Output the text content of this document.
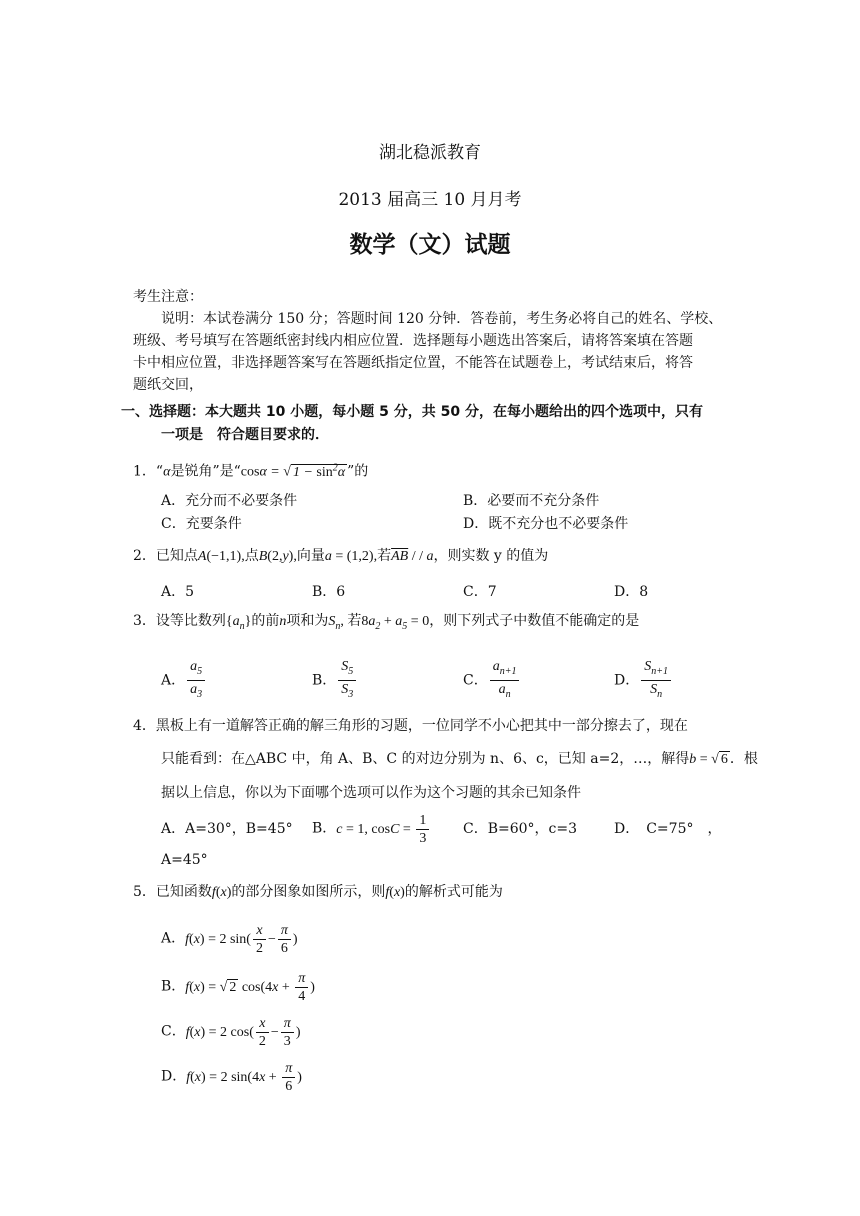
湖北稳派教育
2013 届高三 10 月月考
数学（文）试题
考生注意：
说明：本试卷满分 150 分；答题时间 120 分钟．答卷前，考生务必将自己的姓名、学校、
班级、考号填写在答题纸密封线内相应位置．选择题每小题选出答案后，请将答案填在答题
卡中相应位置，非选择题答案写在答题纸指定位置，不能答在试题卷上，考试结束后，将答
题纸交回，
一、选择题：本大题共 10 小题，每小题 5 分，共 50 分，在每小题给出的四个选项中，只有
一项是　符合题目要求的．
1．“α是锐角”是“cosα = √ $1 - \sin^2\alpha$ ”的
A．充分而不必要条件	B．必要而不充分条件
C．充要条件	D．既不充分也不必要条件
2．已知点A(−1,1),点B(2,y),向量a = (1,2),若$\overline{AB}$ / / a，则实数 y 的值为
A．5	B．6	C．7	D．8
3．设等比数列$\{a_n\}$的前n项和为$S_n$, 若$8a_2 + a_5 = 0$，则下列式子中数值不能确定的是
A． $\frac{a_5}{a_3}$	B． $\frac{S_5}{S_3}$	C． $\frac{a_{n+1}}{a_n}$	D． $\frac{S_{n+1}}{S_n}$
4．黑板上有一道解答正确的解三角形的习题，一位同学不小心把其中一部分擦去了，现在
只能看到：在△ABC 中，角 A、B、C 的对边分别为 n、6、c，已知 a=2，…，解得b = √ 6 ．根
据以上信息，你以为下面哪个选项可以作为这个习题的其余已知条件
A．A=30°，B=45° B．c = 1, $\cos C = \frac{1}{3}$ C．B=60°，c=3	D．　C=75°　，
A=45°
5．已知函数f(x)的部分图象如图所示，则f(x)的解析式可能为
A．f(x) = 2 $\sin( \frac{x}{2} - \frac{\pi}{6}$ )
B．f(x) = √ 2 $\cos(4x + \frac{\pi}{4}$ )
C．f(x) = 2 $\cos( \frac{x}{2} - \frac{\pi}{3}$ )
D．f(x) = 2 $\sin(4x + \frac{\pi}{6}$ )
